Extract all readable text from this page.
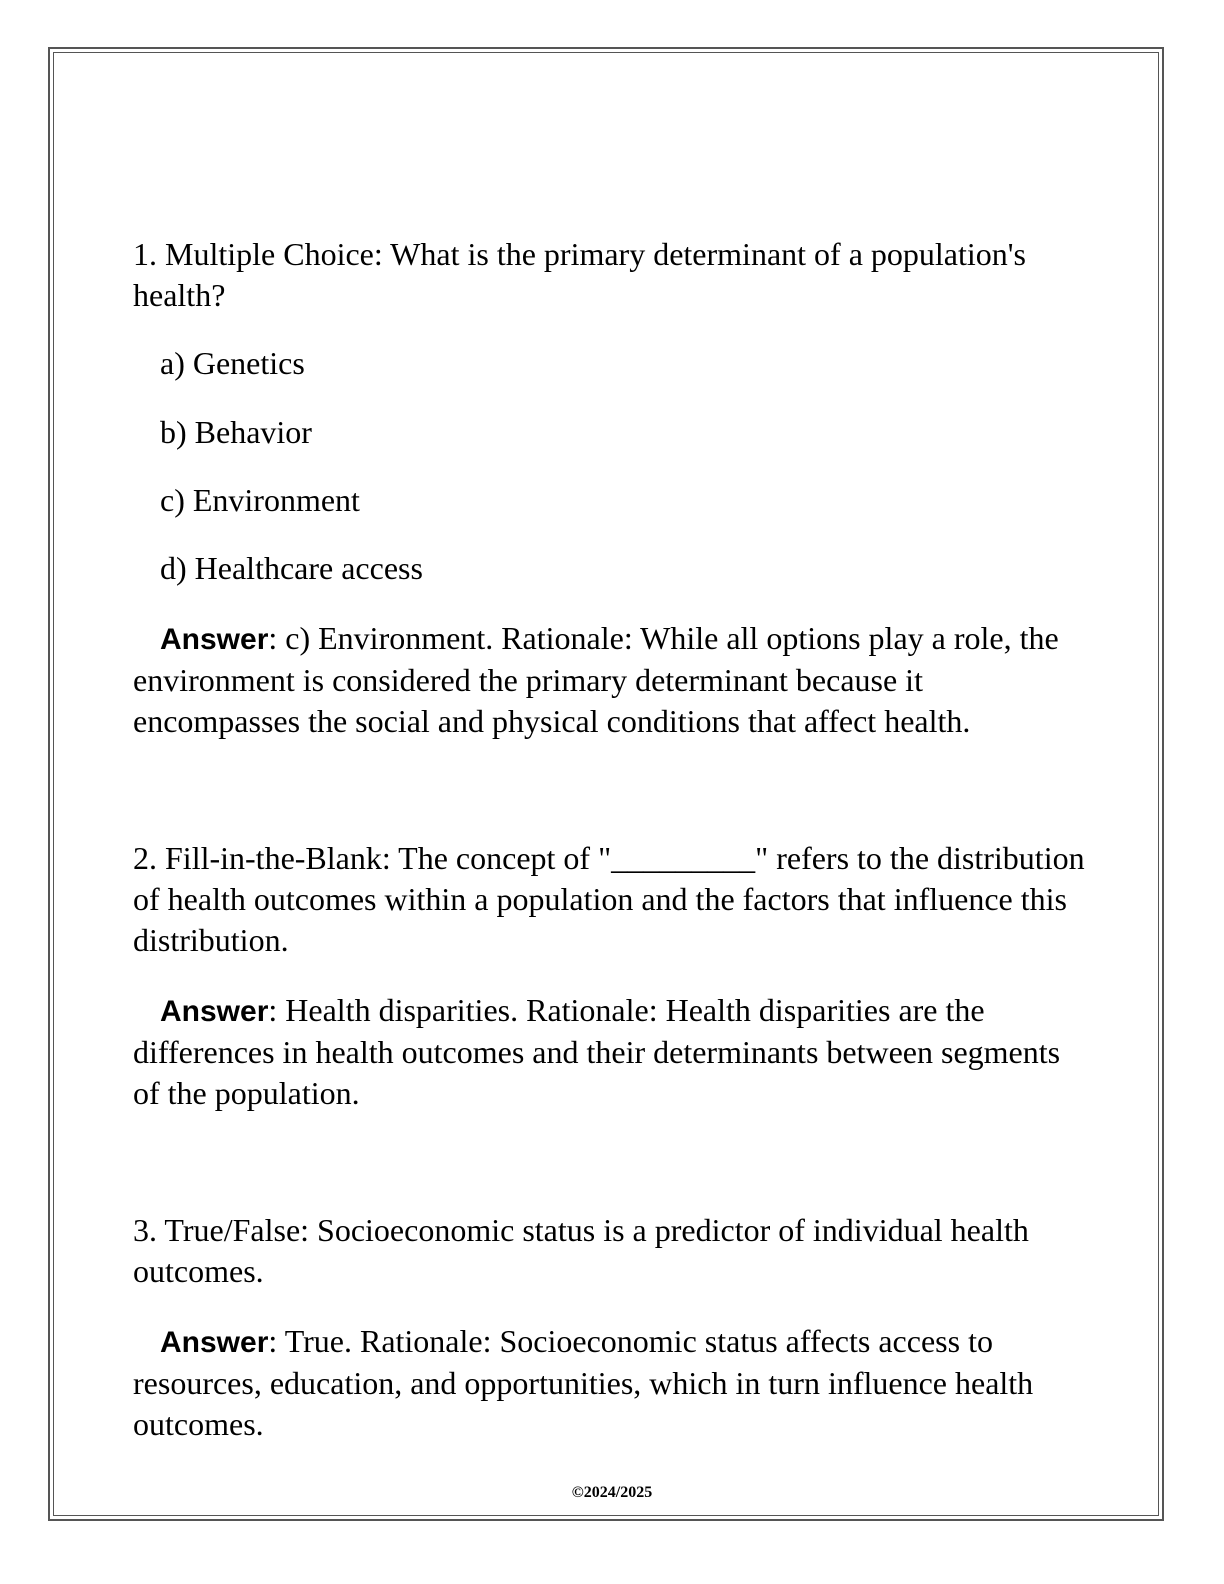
1. Multiple Choice: What is the primary determinant of a population's health?

a) Genetics

b) Behavior

c) Environment

d) Healthcare access

Answer: c) Environment. Rationale: While all options play a role, the environment is considered the primary determinant because it encompasses the social and physical conditions that affect health.

2. Fill-in-the-Blank: The concept of "_________" refers to the distribution of health outcomes within a population and the factors that influence this distribution.

Answer: Health disparities. Rationale: Health disparities are the differences in health outcomes and their determinants between segments of the population.

3. True/False: Socioeconomic status is a predictor of individual health outcomes.

Answer: True. Rationale: Socioeconomic status affects access to resources, education, and opportunities, which in turn influence health outcomes.

©2024/2025
